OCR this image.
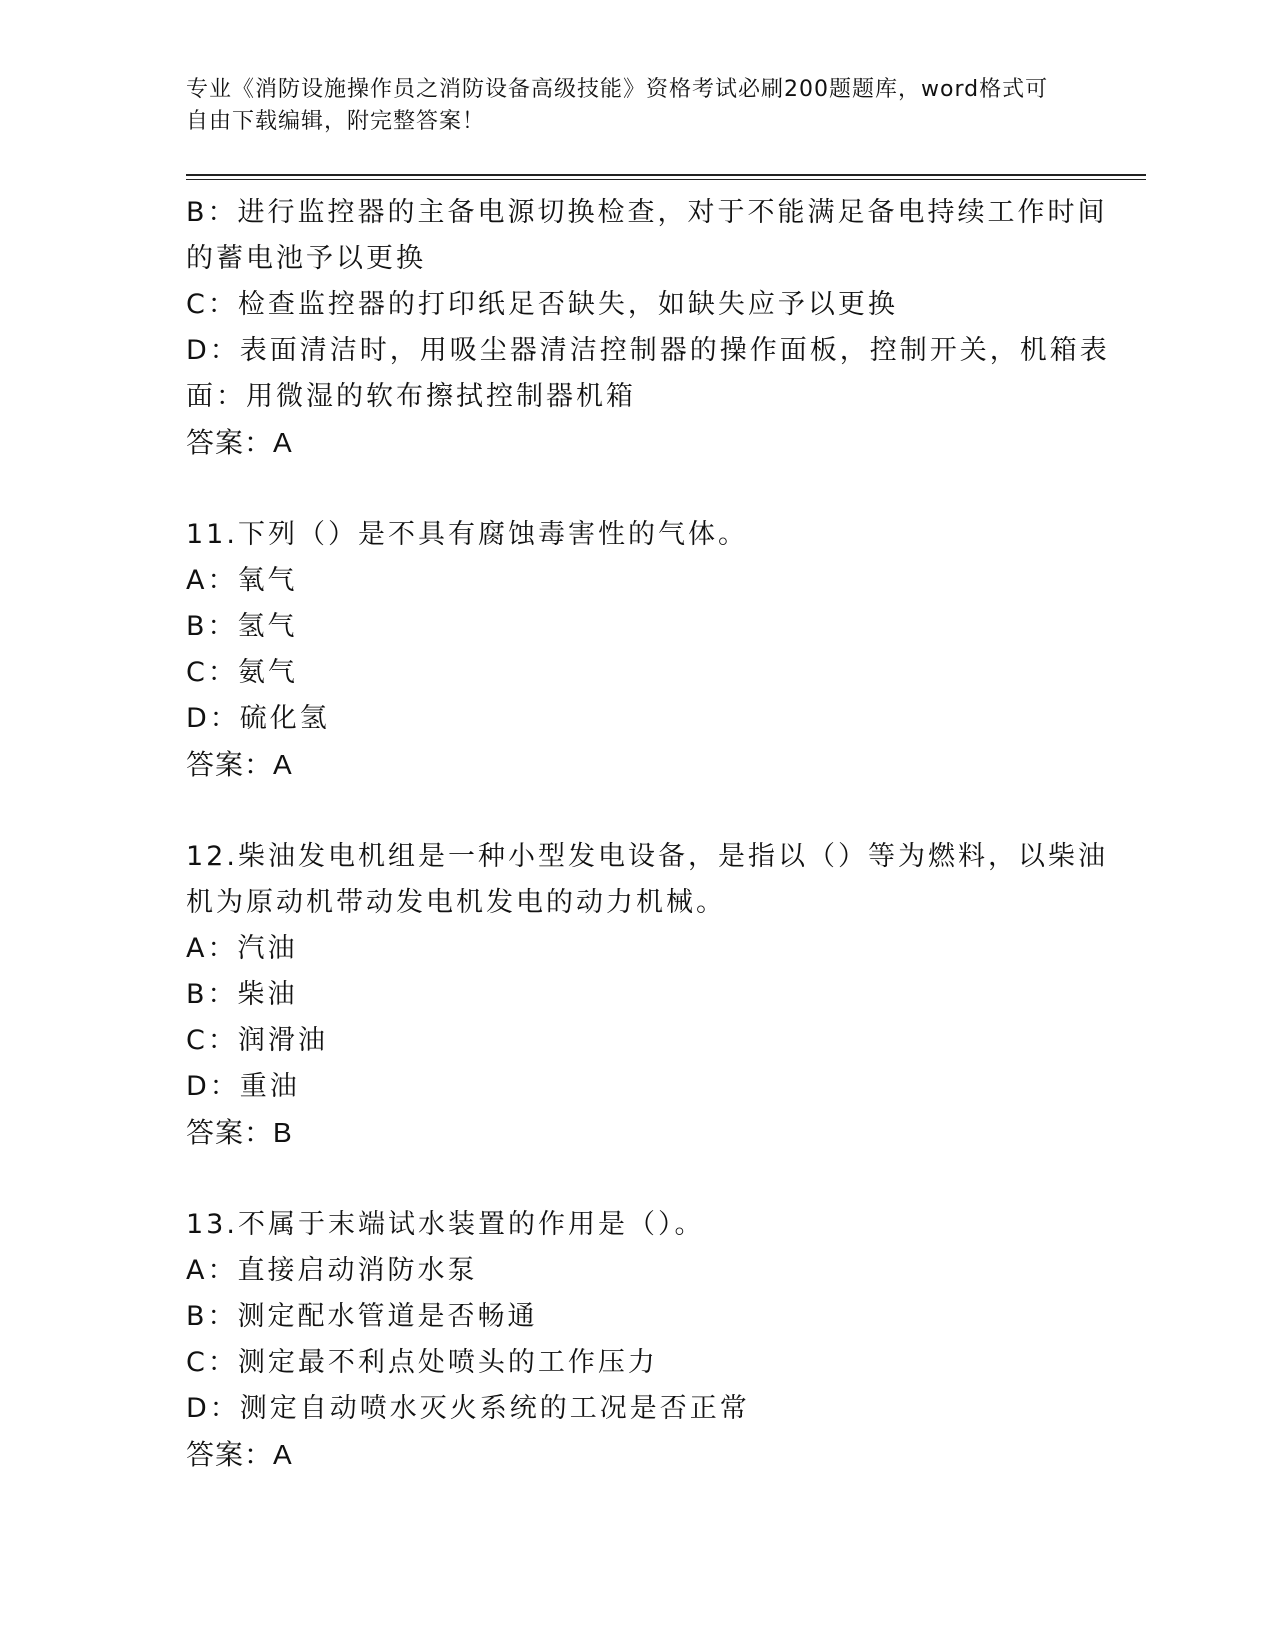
专业《消防设施操作员之消防设备高级技能》资格考试必刷200题题库，word格式可自由下载编辑，附完整答案！
B：进行监控器的主备电源切换检查，对于不能满足备电持续工作时间
的蓄电池予以更换
C：检查监控器的打印纸足否缺失，如缺失应予以更换
D：表面清洁时，用吸尘器清洁控制器的操作面板，控制开关，机箱表
面：用微湿的软布擦拭控制器机箱
答案：A
11.下列（）是不具有腐蚀毒害性的气体。
A：氧气
B：氢气
C：氨气
D：硫化氢
答案：A
12.柴油发电机组是一种小型发电设备，是指以（）等为燃料，以柴油
机为原动机带动发电机发电的动力机械。
A：汽油
B：柴油
C：润滑油
D：重油
答案：B
13.不属于末端试水装置的作用是（）。
A：直接启动消防水泵
B：测定配水管道是否畅通
C：测定最不利点处喷头的工作压力
D：测定自动喷水灭火系统的工况是否正常
答案：A
